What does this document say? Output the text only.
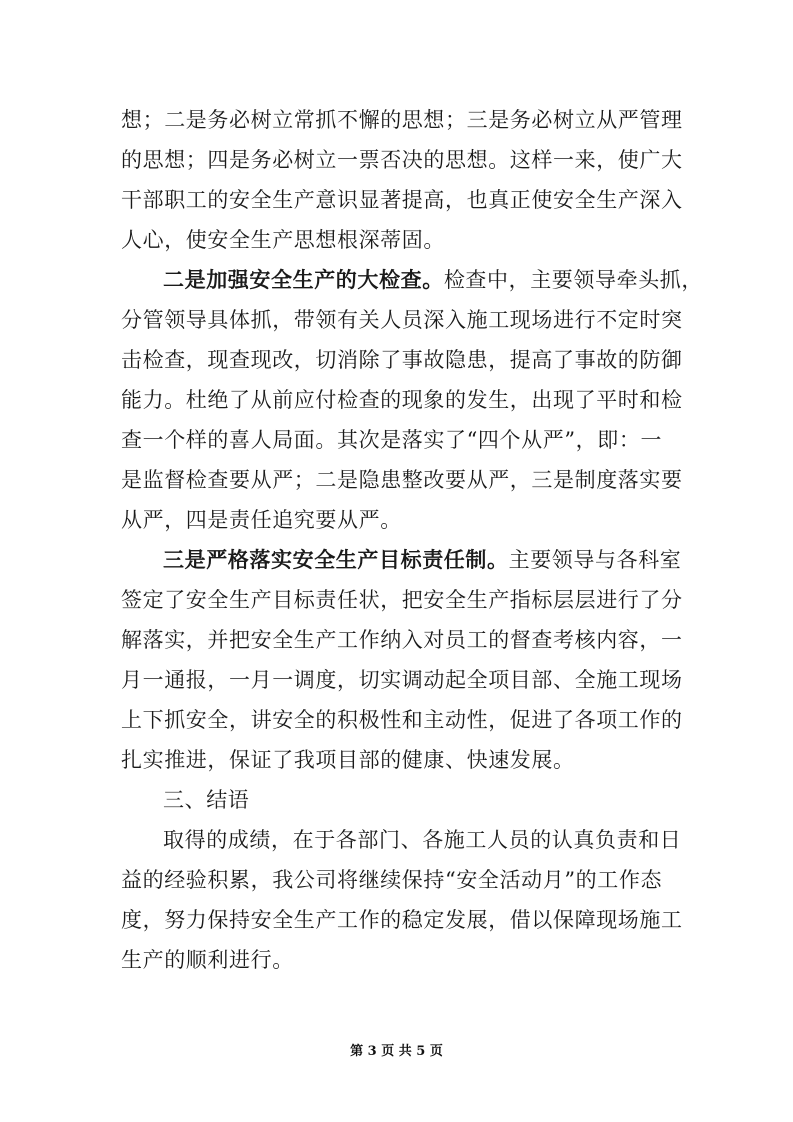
想；二是务必树立常抓不懈的思想；三是务必树立从严管理
的思想；四是务必树立一票否决的思想。这样一来，使广大
干部职工的安全生产意识显著提高，也真正使安全生产深入
人心，使安全生产思想根深蒂固。
二是加强安全生产的大检查。检查中，主要领导牵头抓，
分管领导具体抓，带领有关人员深入施工现场进行不定时突
击检查，现查现改，切消除了事故隐患，提高了事故的防御
能力。杜绝了从前应付检查的现象的发生，出现了平时和检
查一个样的喜人局面。其次是落实了“四个从严”，即：一
是监督检查要从严；二是隐患整改要从严，三是制度落实要
从严，四是责任追究要从严。
三是严格落实安全生产目标责任制。主要领导与各科室
签定了安全生产目标责任状，把安全生产指标层层进行了分
解落实，并把安全生产工作纳入对员工的督查考核内容，一
月一通报，一月一调度，切实调动起全项目部、全施工现场
上下抓安全，讲安全的积极性和主动性，促进了各项工作的
扎实推进，保证了我项目部的健康、快速发展。
三、结语
取得的成绩，在于各部门、各施工人员的认真负责和日
益的经验积累，我公司将继续保持“安全活动月”的工作态
度，努力保持安全生产工作的稳定发展，借以保障现场施工
生产的顺利进行。
第 3 页 共 5 页
